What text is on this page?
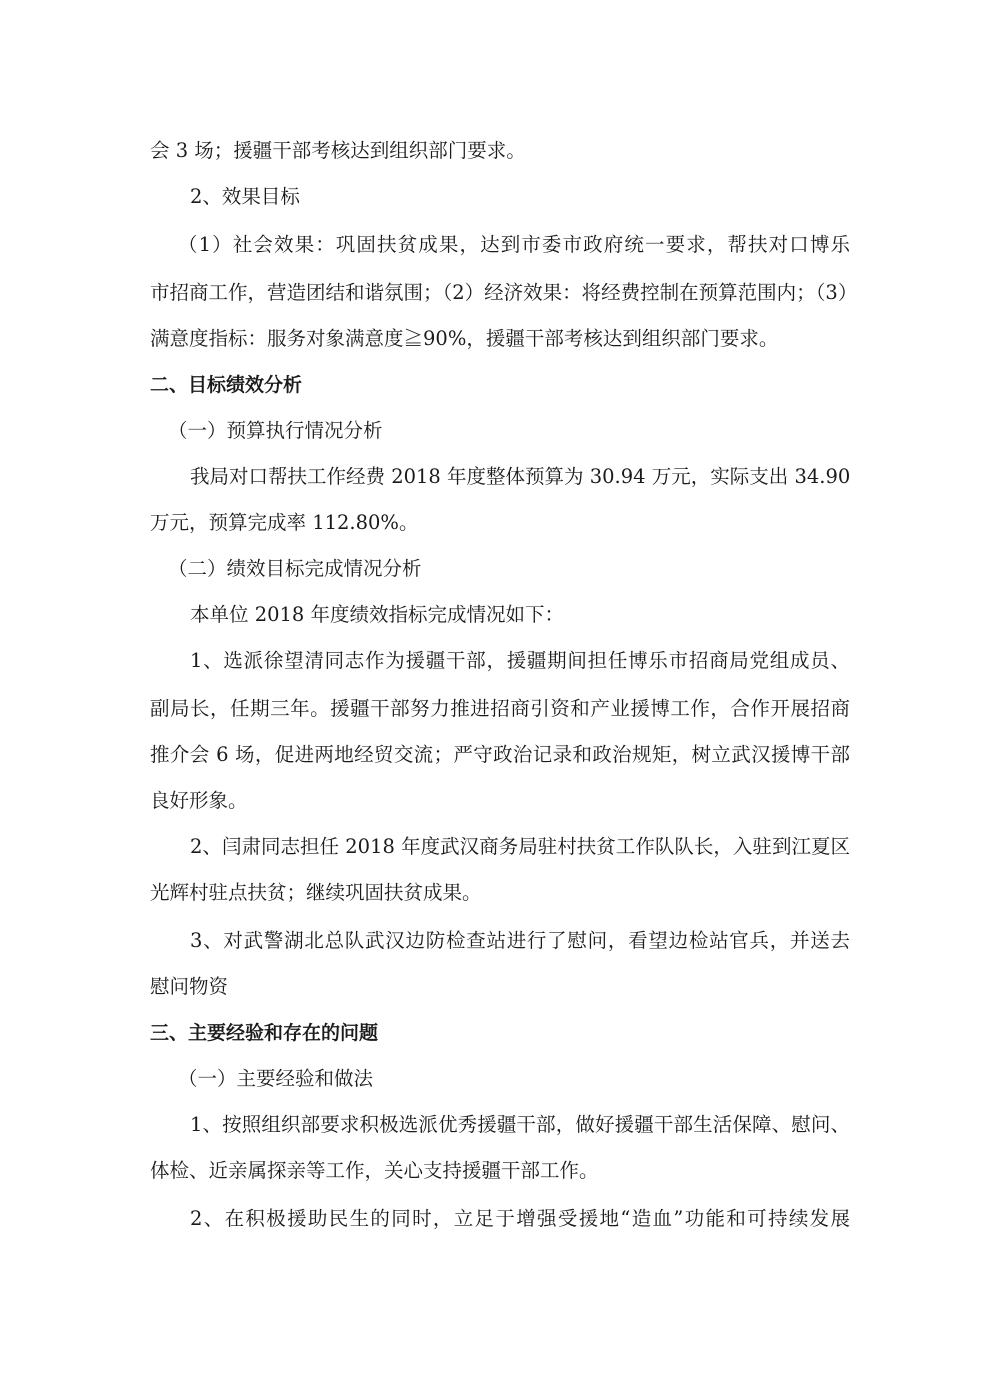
会 3 场；援疆干部考核达到组织部门要求。
2、效果目标
（1）社会效果：巩固扶贫成果，达到市委市政府统一要求，帮扶对口博乐
市招商工作，营造团结和谐氛围；（2）经济效果：将经费控制在预算范围内；（3）
满意度指标：服务对象满意度≧90%，援疆干部考核达到组织部门要求。
二、目标绩效分析
（一）预算执行情况分析
我局对口帮扶工作经费 2018 年度整体预算为 30.94 万元，实际支出 34.90
万元，预算完成率 112.80%。
（二）绩效目标完成情况分析
本单位 2018 年度绩效指标完成情况如下：
1、选派徐望清同志作为援疆干部，援疆期间担任博乐市招商局党组成员、
副局长，任期三年。援疆干部努力推进招商引资和产业援博工作，合作开展招商
推介会 6 场，促进两地经贸交流；严守政治记录和政治规矩，树立武汉援博干部
良好形象。
2、闫肃同志担任 2018 年度武汉商务局驻村扶贫工作队队长，入驻到江夏区
光辉村驻点扶贫；继续巩固扶贫成果。
3、对武警湖北总队武汉边防检查站进行了慰问，看望边检站官兵，并送去
慰问物资
三、主要经验和存在的问题
（一）主要经验和做法
1、按照组织部要求积极选派优秀援疆干部，做好援疆干部生活保障、慰问、
体检、近亲属探亲等工作，关心支持援疆干部工作。
2、在积极援助民生的同时，立足于增强受援地“造血”功能和可持续发展
